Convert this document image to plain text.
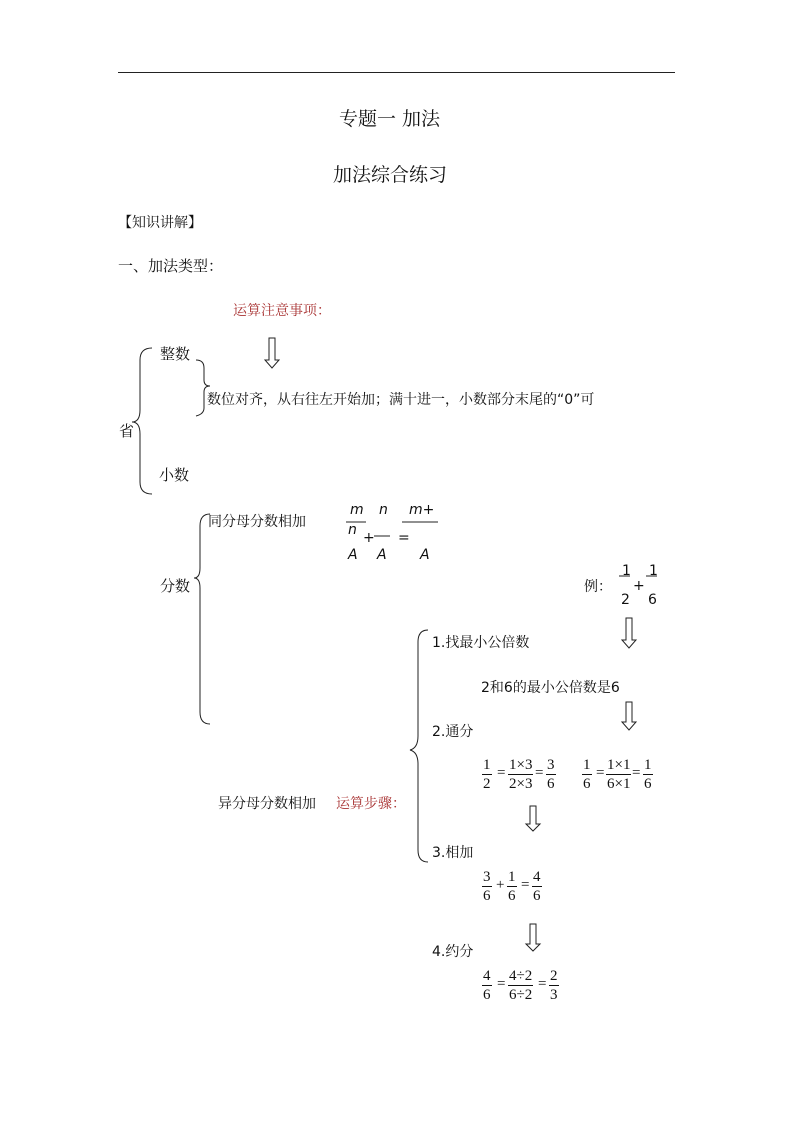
专题一 加法
加法综合练习
【知识讲解】
一、加法类型：
运算注意事项：
整数
省
小数
数位对齐，从右往左开始加；满十进一，小数部分末尾的“0”可
分数
同分母分数相加
m
n
A
+
n
A
=
m+
A
例：
1
2
+
1
6
1.找最小公倍数
2和6的最小公倍数是6
2.通分
3.相加
4.约分
异分母分数相加 运算步骤：
$\frac{1}{2} = \frac{1\times 3}{2\times 3} = \frac{3}{6} \frac{1}{6} = \frac{1\times 1}{6\times 1} = \frac{1}{6}$
$\frac{3}{6} + \frac{1}{6} = \frac{4}{6}$
$\frac{4}{6} = \frac{4\div 2}{6\div 2} = \frac{2}{3}$
